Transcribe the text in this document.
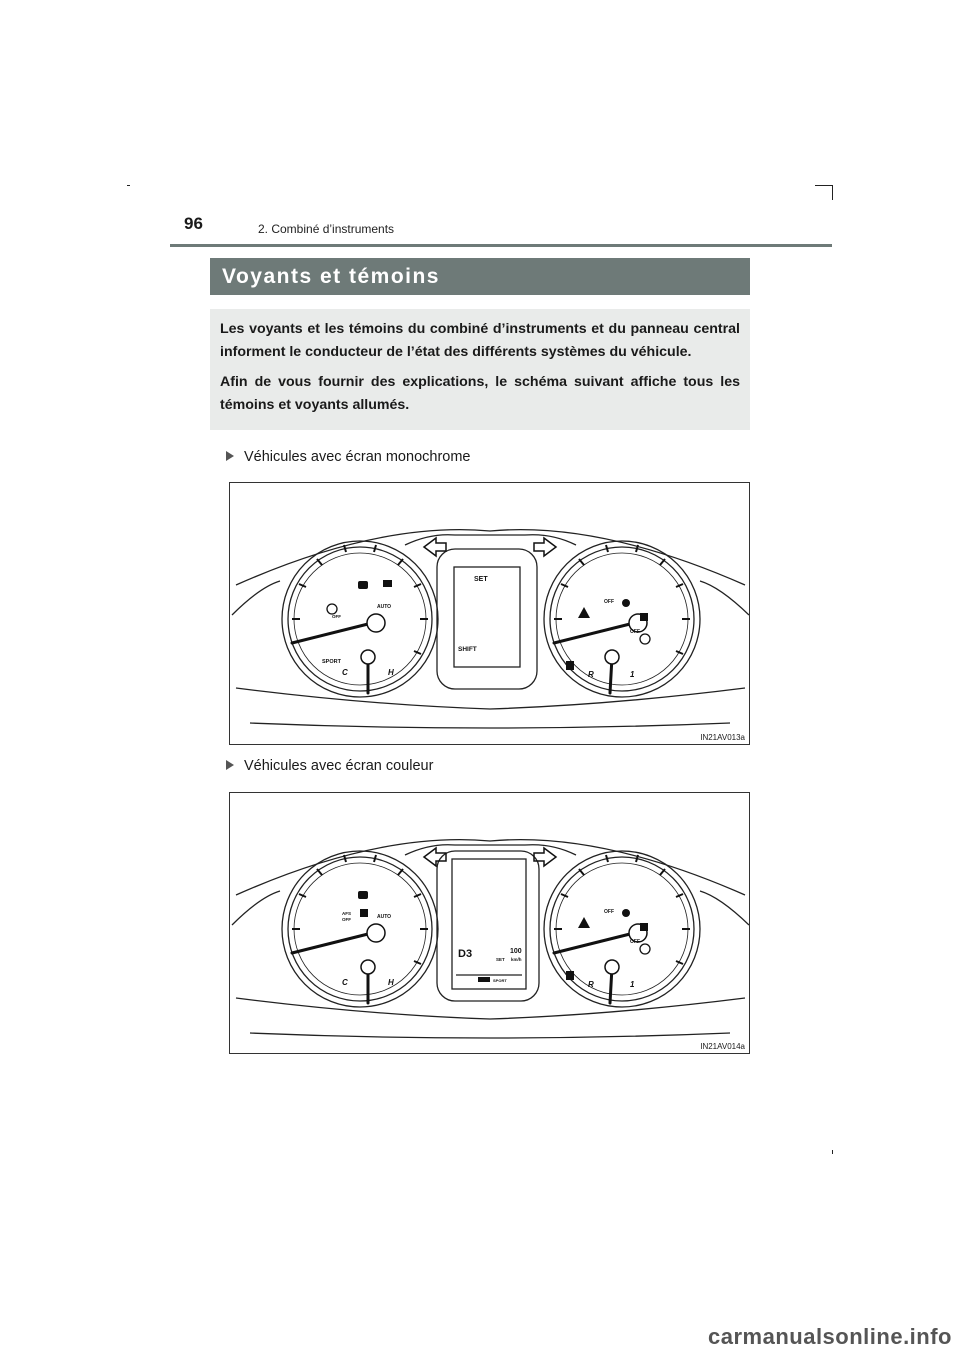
96	2. Combiné d’instruments
Voyants et témoins

Les voyants et les témoins du combiné d’instruments et du panneau central informent le conducteur de l’état des différents systèmes du véhicule.

Afin de vous fournir des explications, le schéma suivant affiche tous les témoins et voyants allumés.

Véhicules avec écran monochrome
SET
SHIFT
SPORT
C	H
AUTO
OFF
OFF
OFF
R	1
IN21AV013a
Véhicules avec écran couleur
D3	100
SET km/h
SPORT
C	H
AUTO
AFS
OFF
OFF
OFF
R	1
IN21AV014a
carmanualsonline.info
